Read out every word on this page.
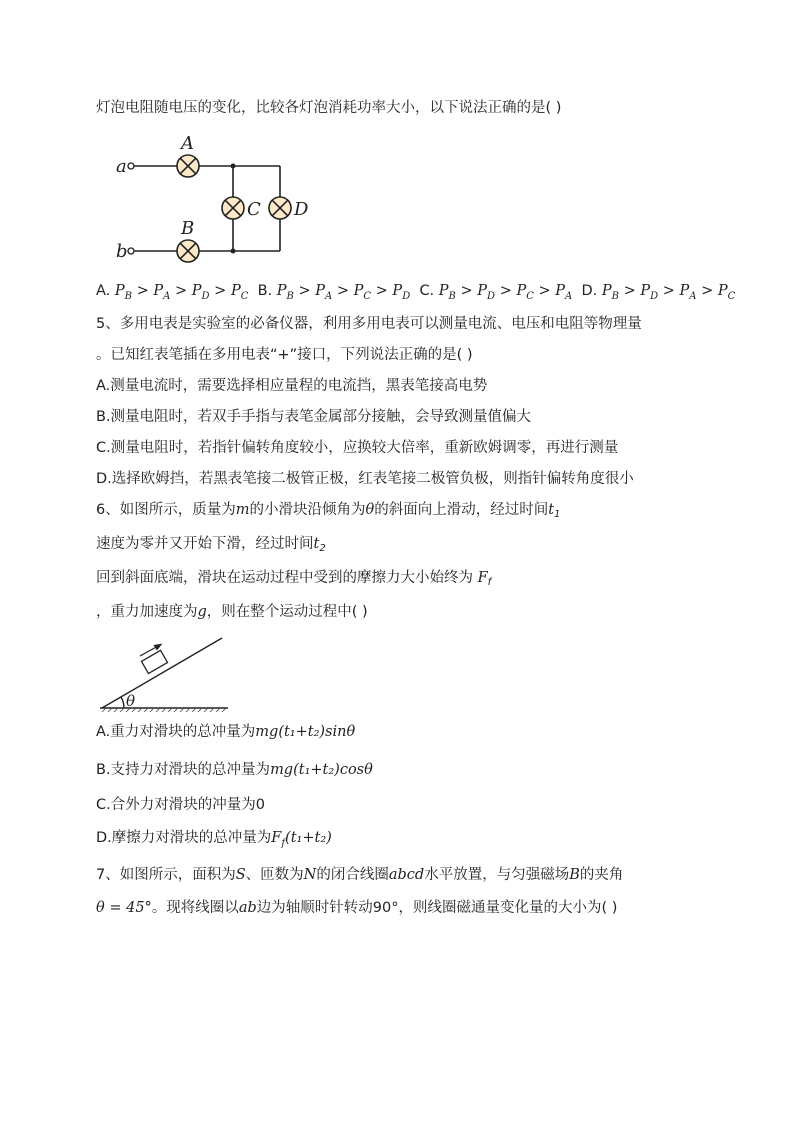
灯泡电阻随电压的变化，比较各灯泡消耗功率大小，以下说法正确的是( )
a
b
A
B
C D
A. $P_B > P_A > P_D > P_C$ B. $P_B > P_A > P_C > P_D$ C. $P_B > P_D > P_C > P_A$ D. $P_B > P_D > P_A > P_C$
5、多用电表是实验室的必备仪器，利用多用电表可以测量电流、电压和电阻等物理量
。已知红表笔插在多用电表“+”接口，下列说法正确的是( )
A.测量电流时，需要选择相应量程的电流挡，黑表笔接高电势
B.测量电阻时，若双手手指与表笔金属部分接触，会导致测量值偏大
C.测量电阻时，若指针偏转角度较小，应换较大倍率，重新欧姆调零，再进行测量
D.选择欧姆挡，若黑表笔接二极管正极，红表笔接二极管负极，则指针偏转角度很小
6、如图所示，质量为m的小滑块沿倾角为θ的斜面向上滑动，经过时间$t_1$
速度为零并又开始下滑，经过时间$t_2$
回到斜面底端，滑块在运动过程中受到的摩擦力大小始终为 $F_f$
，重力加速度为g，则在整个运动过程中( )
θ
A.重力对滑块的总冲量为mg(t₁+t₂)sinθ
B.支持力对滑块的总冲量为mg(t₁+t₂)cosθ
C.合外力对滑块的冲量为0
D.摩擦力对滑块的总冲量为$F_f(t_1+t_2)$
7、如图所示，面积为S、匝数为N的闭合线圈abcd水平放置，与匀强磁场B的夹角
θ = 45°。现将线圈以ab边为轴顺时针转动90°，则线圈磁通量变化量的大小为( )
